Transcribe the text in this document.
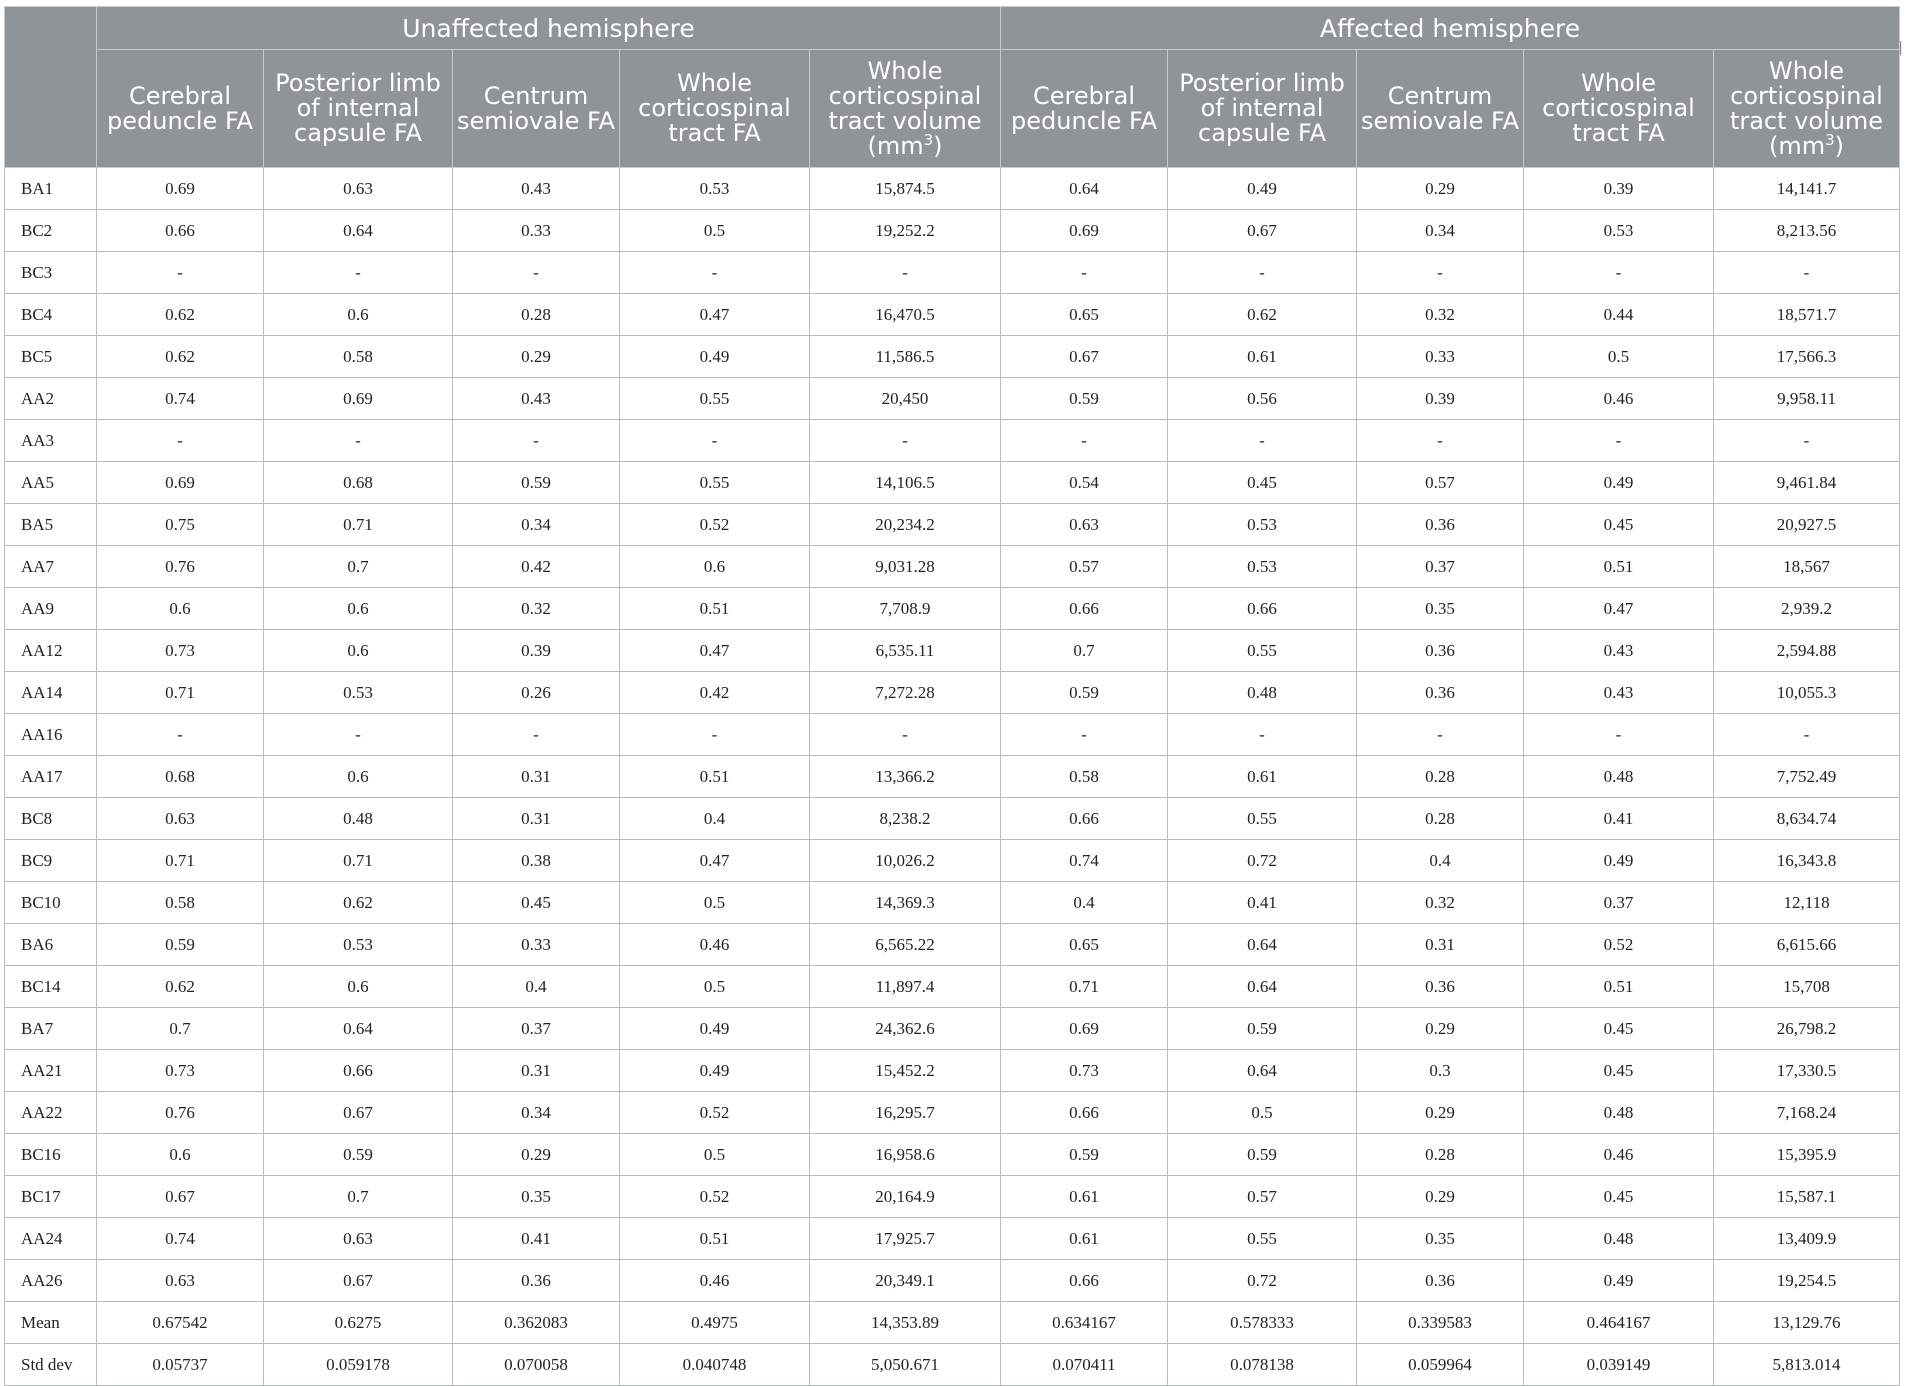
	Unaffected hemisphere					Affected hemisphere				
	Cerebral peduncle FA	Posterior limb of internal capsule FA	Centrum semiovale FA	Whole corticospinal tract FA	Whole corticospinal tract volume $(mm^3)$	Cerebral peduncle FA	Posterior limb of internal capsule FA	Centrum semiovale FA	Whole corticospinal tract FA	Whole corticospinal tract volume $(mm^3)$
BA1	0.69	0.63	0.43	0.53	15,874.5	0.64	0.49	0.29	0.39	14,141.7
BC2	0.66	0.64	0.33	0.5	19,252.2	0.69	0.67	0.34	0.53	8,213.56
BC3	-	-	-	-	-	-	-	-	-	-
BC4	0.62	0.6	0.28	0.47	16,470.5	0.65	0.62	0.32	0.44	18,571.7
BC5	0.62	0.58	0.29	0.49	11,586.5	0.67	0.61	0.33	0.5	17,566.3
AA2	0.74	0.69	0.43	0.55	20,450	0.59	0.56	0.39	0.46	9,958.11
AA3	-	-	-	-	-	-	-	-	-	-
AA5	0.69	0.68	0.59	0.55	14,106.5	0.54	0.45	0.57	0.49	9,461.84
BA5	0.75	0.71	0.34	0.52	20,234.2	0.63	0.53	0.36	0.45	20,927.5
AA7	0.76	0.7	0.42	0.6	9,031.28	0.57	0.53	0.37	0.51	18,567
AA9	0.6	0.6	0.32	0.51	7,708.9	0.66	0.66	0.35	0.47	2,939.2
AA12	0.73	0.6	0.39	0.47	6,535.11	0.7	0.55	0.36	0.43	2,594.88
AA14	0.71	0.53	0.26	0.42	7,272.28	0.59	0.48	0.36	0.43	10,055.3
AA16	-	-	-	-	-	-	-	-	-	-
AA17	0.68	0.6	0.31	0.51	13,366.2	0.58	0.61	0.28	0.48	7,752.49
BC8	0.63	0.48	0.31	0.4	8,238.2	0.66	0.55	0.28	0.41	8,634.74
BC9	0.71	0.71	0.38	0.47	10,026.2	0.74	0.72	0.4	0.49	16,343.8
BC10	0.58	0.62	0.45	0.5	14,369.3	0.4	0.41	0.32	0.37	12,118
BA6	0.59	0.53	0.33	0.46	6,565.22	0.65	0.64	0.31	0.52	6,615.66
BC14	0.62	0.6	0.4	0.5	11,897.4	0.71	0.64	0.36	0.51	15,708
BA7	0.7	0.64	0.37	0.49	24,362.6	0.69	0.59	0.29	0.45	26,798.2
AA21	0.73	0.66	0.31	0.49	15,452.2	0.73	0.64	0.3	0.45	17,330.5
AA22	0.76	0.67	0.34	0.52	16,295.7	0.66	0.5	0.29	0.48	7,168.24
BC16	0.6	0.59	0.29	0.5	16,958.6	0.59	0.59	0.28	0.46	15,395.9
BC17	0.67	0.7	0.35	0.52	20,164.9	0.61	0.57	0.29	0.45	15,587.1
AA24	0.74	0.63	0.41	0.51	17,925.7	0.61	0.55	0.35	0.48	13,409.9
AA26	0.63	0.67	0.36	0.46	20,349.1	0.66	0.72	0.36	0.49	19,254.5
Mean	0.67542	0.6275	0.362083	0.4975	14,353.89	0.634167	0.578333	0.339583	0.464167	13,129.76
Std dev	0.05737	0.059178	0.070058	0.040748	5,050.671	0.070411	0.078138	0.059964	0.039149	5,813.014
|
